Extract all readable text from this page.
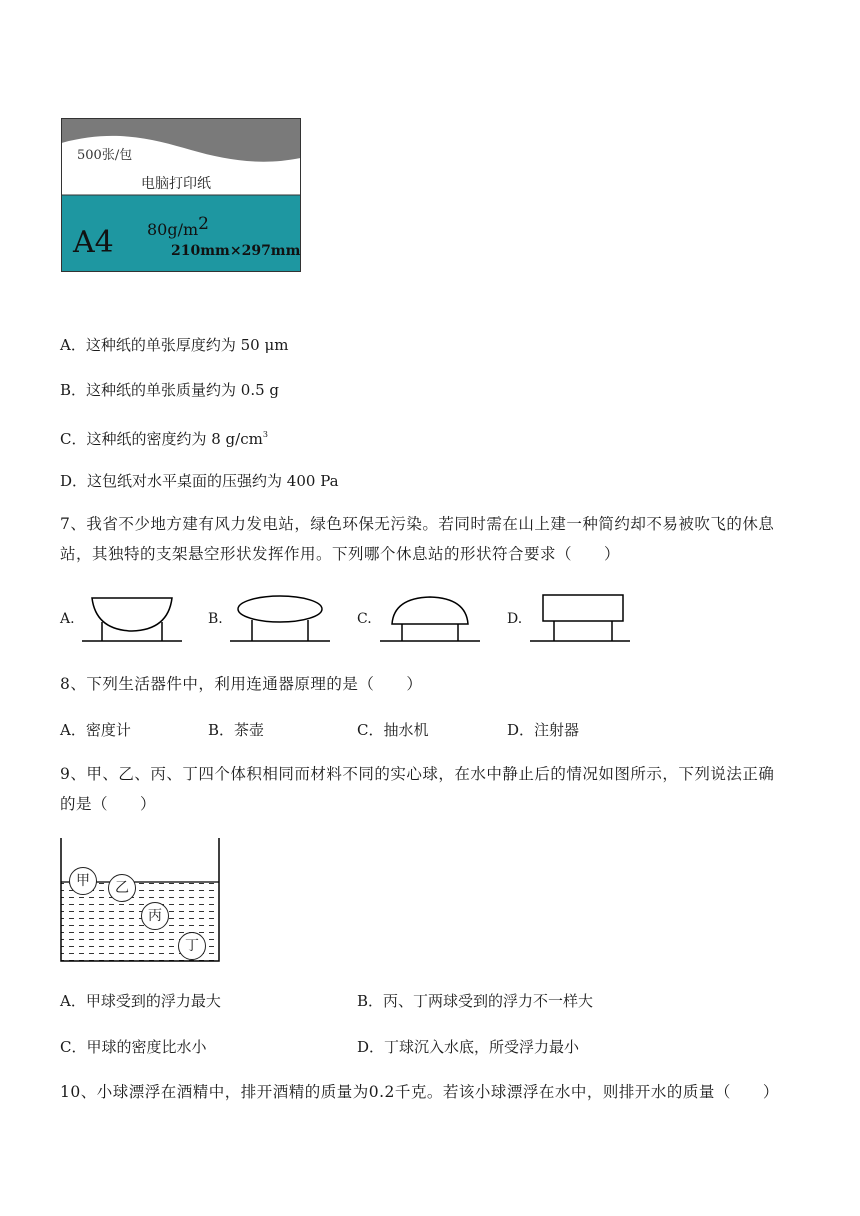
500张/包
电脑打印纸
A4 80g/m2
210mm×297mm
A．这种纸的单张厚度约为 50 μm
B．这种纸的单张质量约为 0.5 g
C．这种纸的密度约为 8 $g/cm^3$
D．这包纸对水平桌面的压强约为 400 Pa
7、我省不少地方建有风力发电站，绿色环保无污染。若同时需在山上建一种简约却不易被吹飞的休息
站，其独特的支架悬空形状发挥作用。下列哪个休息站的形状符合要求（　　）
A.	B.	C.	D.
8、下列生活器件中，利用连通器原理的是（　　）
A．密度计	B．茶壶	C．抽水机	D．注射器
9、甲、乙、丙、丁四个体积相同而材料不同的实心球，在水中静止后的情况如图所示，下列说法正确
的是（　　）
甲	乙
丙
丁
A．甲球受到的浮力最大	B．丙、丁两球受到的浮力不一样大
C．甲球的密度比水小	D．丁球沉入水底，所受浮力最小
10、小球漂浮在酒精中，排开酒精的质量为0.2千克。若该小球漂浮在水中，则排开水的质量（　　）
